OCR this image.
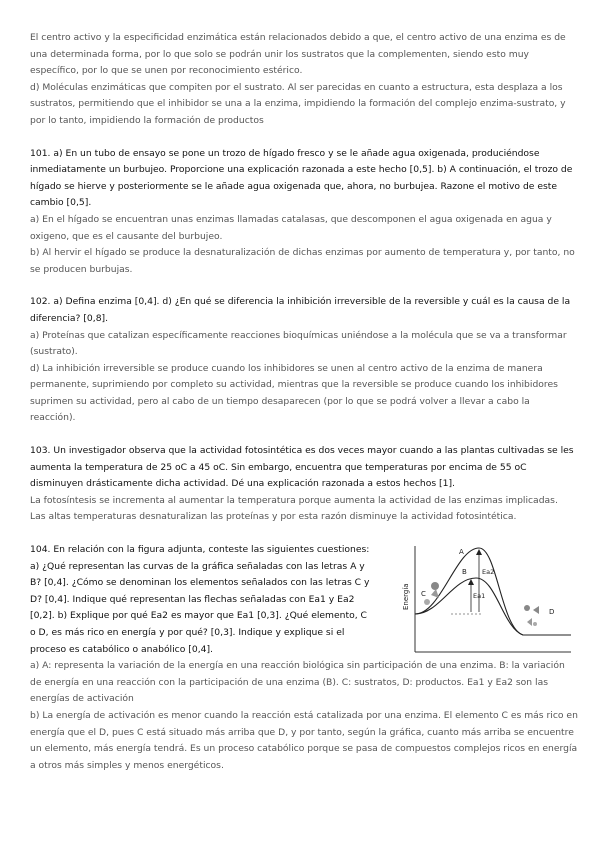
El centro activo y la especificidad enzimática están relacionados debido a que, el centro activo de una enzima es de una determinada forma, por lo que solo se podrán unir los sustratos que la complementen, siendo esto muy específico, por lo que se unen por reconocimiento estérico.

d) Moléculas enzimáticas que compiten por el sustrato. Al ser parecidas en cuanto a estructura, esta desplaza a los sustratos, permitiendo que el inhibidor se una a la enzima, impidiendo la formación del complejo enzima-sustrato, y por lo tanto, impidiendo la formación de productos

101. a) En un tubo de ensayo se pone un trozo de hígado fresco y se le añade agua oxigenada, produciéndose inmediatamente un burbujeo. Proporcione una explicación razonada a este hecho [0,5]. b) A continuación, el trozo de hígado se hierve y posteriormente se le añade agua oxigenada que, ahora, no burbujea. Razone el motivo de este cambio [0,5].

a) En el hígado se encuentran unas enzimas llamadas catalasas, que descomponen el agua oxigenada en agua y oxigeno, que es el causante del burbujeo.

b) Al hervir el hígado se produce la desnaturalización de dichas enzimas por aumento de temperatura y, por tanto, no se producen burbujas.

102. a) Defina enzima [0,4]. d) ¿En qué se diferencia la inhibición irreversible de la reversible y cuál es la causa de la diferencia? [0,8].

a) Proteínas que catalizan específicamente reacciones bioquímicas uniéndose a la molécula que se va a transformar (sustrato).

d) La inhibición irreversible se produce cuando los inhibidores se unen al centro activo de la enzima de manera permanente, suprimiendo por completo su actividad, mientras que la reversible se produce cuando los inhibidores suprimen su actividad, pero al cabo de un tiempo desaparecen (por lo que se podrá volver a llevar a cabo la reacción).

103. Un investigador observa que la actividad fotosintética es dos veces mayor cuando a las plantas cultivadas se les aumenta la temperatura de 25 oC a 45 oC. Sin embargo, encuentra que temperaturas por encima de 55 oC disminuyen drásticamente dicha actividad. Dé una explicación razonada a estos hechos [1].

La fotosíntesis se incrementa al aumentar la temperatura porque aumenta la actividad de las enzimas implicadas.

Las altas temperaturas desnaturalizan las proteínas y por esta razón disminuye la actividad fotosintética.

104. En relación con la figura adjunta, conteste las siguientes cuestiones: a) ¿Qué representan las curvas de la gráfica señaladas con las letras A y B? [0,4]. ¿Cómo se denominan los elementos señalados con las letras C y D? [0,4]. Indique qué representan las flechas señaladas con Ea1 y Ea2 [0,2]. b) Explique por qué Ea2 es mayor que Ea1 [0,3]. ¿Qué elemento, C o D, es más rico en energía y por qué? [0,3]. Indique y explique si el proceso es catabólico o anabólico [0,4].

Energía
A
B
C
D
Ea2
Ea1

a) A: representa la variación de la energía en una reacción biológica sin participación de una enzima. B: la variación de energía en una reacción con la participación de una enzima (B). C: sustratos, D: productos. Ea1 y Ea2 son las energías de activación

b) La energía de activación es menor cuando la reacción está catalizada por una enzima. El elemento C es más rico en energía que el D, pues C está situado más arriba que D, y por tanto, según la gráfica, cuanto más arriba se encuentre un elemento, más energía tendrá. Es un proceso catabólico porque se pasa de compuestos complejos ricos en energía a otros más simples y menos energéticos.
